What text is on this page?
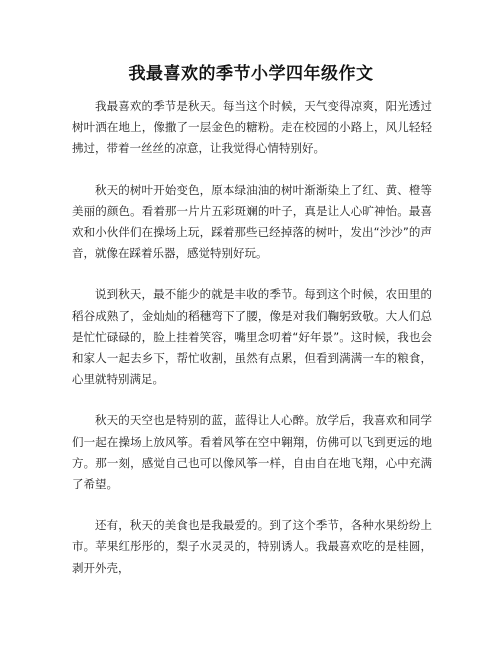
我最喜欢的季节小学四年级作文

我最喜欢的季节是秋天。每当这个时候，天气变得凉爽，阳光透过树叶洒在地上，像撒了一层金色的糖粉。走在校园的小路上，风儿轻轻拂过，带着一丝丝的凉意，让我觉得心情特别好。

秋天的树叶开始变色，原本绿油油的树叶渐渐染上了红、黄、橙等美丽的颜色。看着那一片片五彩斑斓的叶子，真是让人心旷神怡。最喜欢和小伙伴们在操场上玩，踩着那些已经掉落的树叶，发出“沙沙”的声音，就像在踩着乐器，感觉特别好玩。

说到秋天，最不能少的就是丰收的季节。每到这个时候，农田里的稻谷成熟了，金灿灿的稻穗弯下了腰，像是对我们鞠躬致敬。大人们总是忙忙碌碌的，脸上挂着笑容，嘴里念叨着“好年景”。这时候，我也会和家人一起去乡下，帮忙收割，虽然有点累，但看到满满一车的粮食，心里就特别满足。

秋天的天空也是特别的蓝，蓝得让人心醉。放学后，我喜欢和同学们一起在操场上放风筝。看着风筝在空中翱翔，仿佛可以飞到更远的地方。那一刻，感觉自己也可以像风筝一样，自由自在地飞翔，心中充满了希望。

还有，秋天的美食也是我最爱的。到了这个季节，各种水果纷纷上市。苹果红彤彤的，梨子水灵灵的，特别诱人。我最喜欢吃的是桂圆，剥开外壳，
